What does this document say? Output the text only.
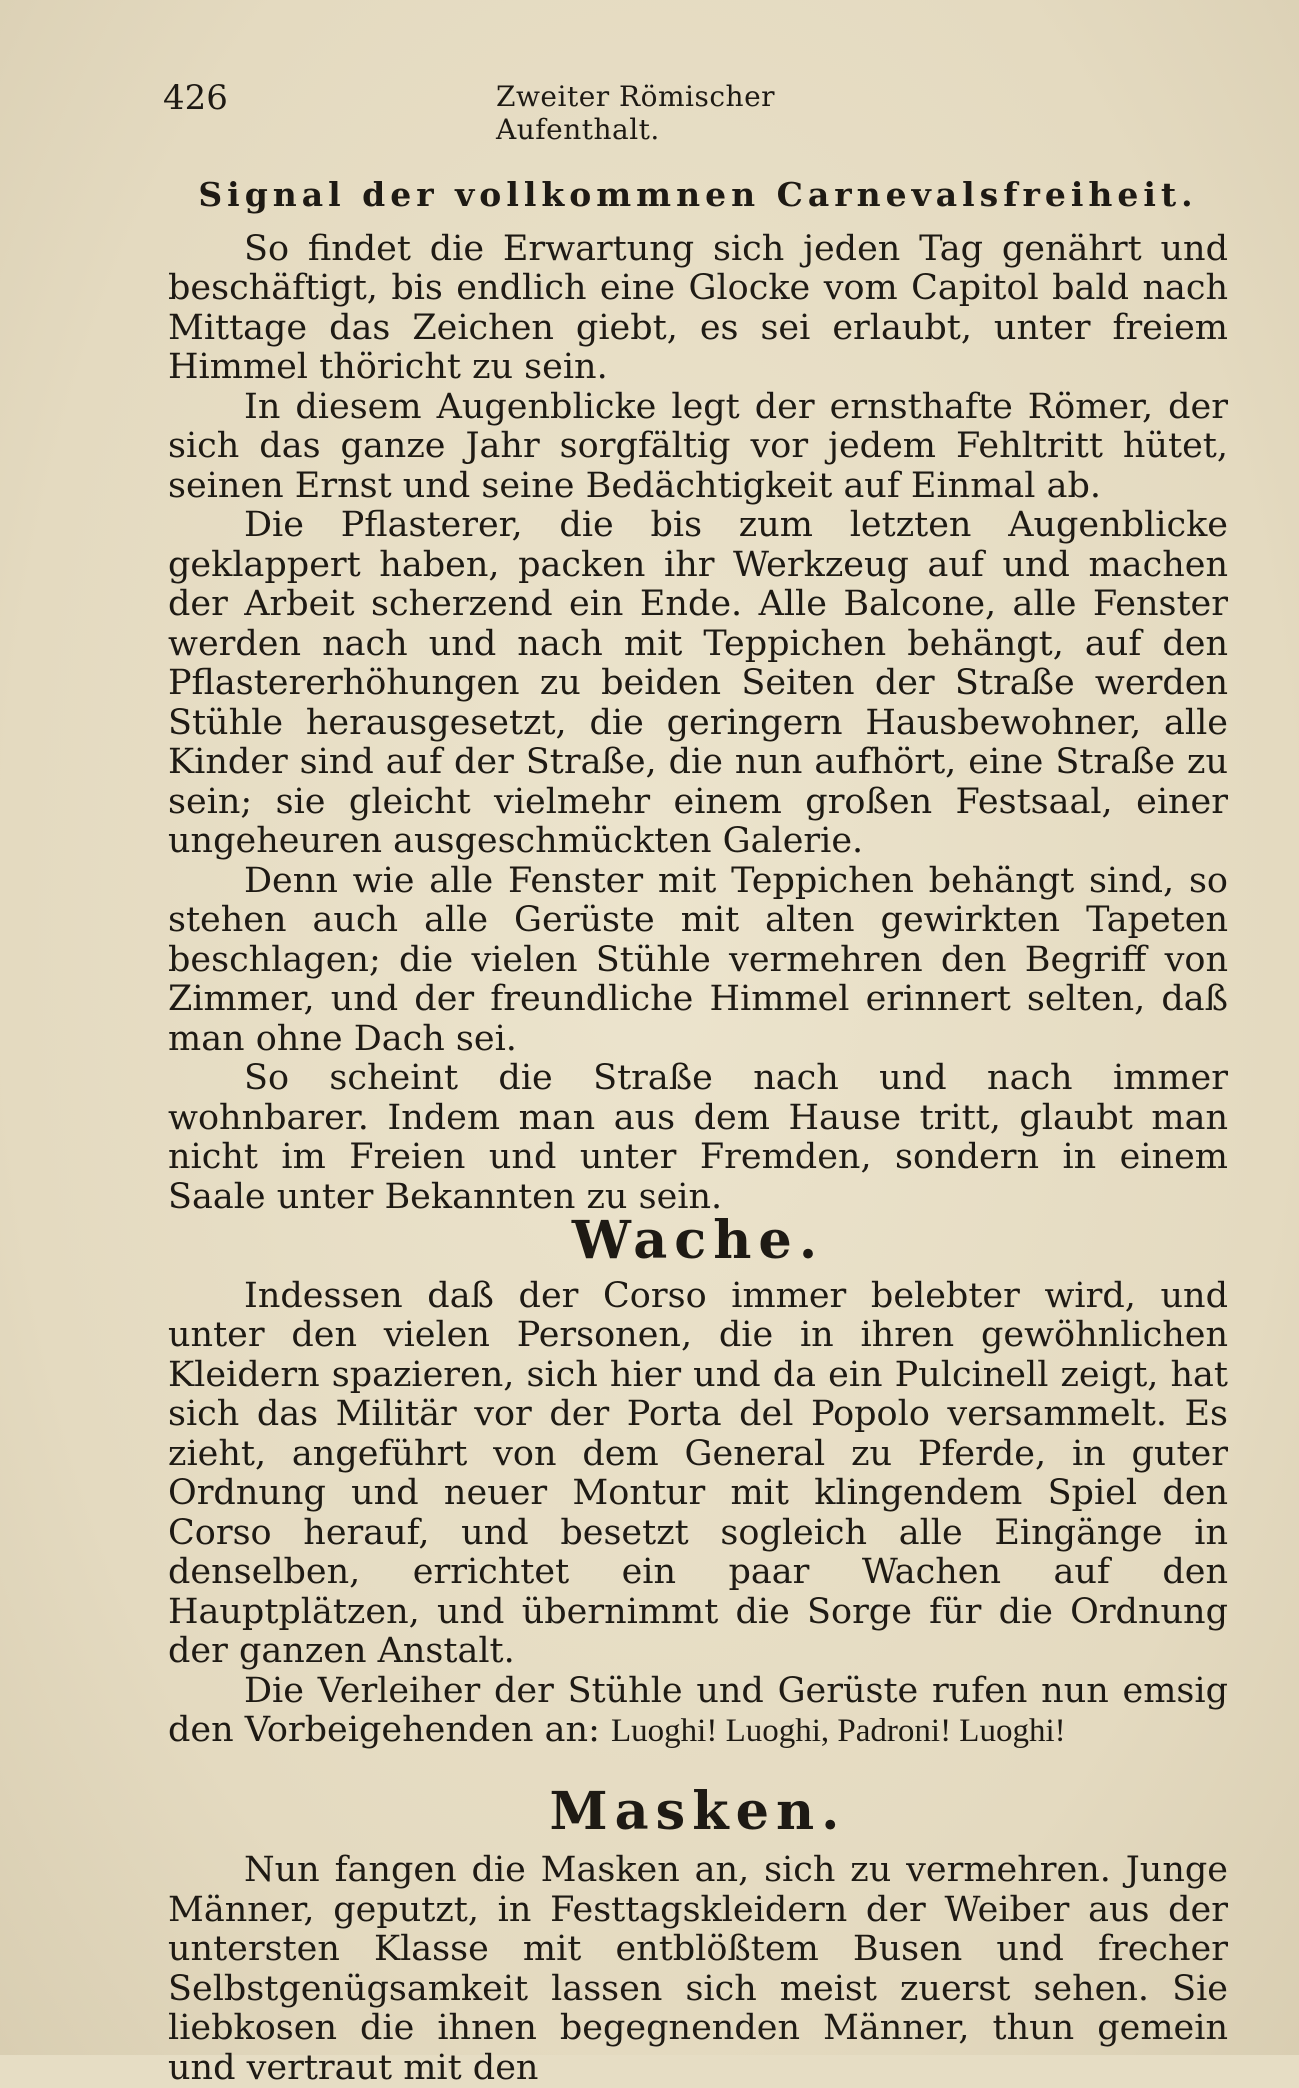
426	Zweiter Römischer Aufenthalt.
Signal der vollkommnen Carnevalsfreiheit.

So findet die Erwartung sich jeden Tag genährt und beschäftigt, bis endlich eine Glocke vom Capitol bald nach Mittage das Zeichen giebt, es sei erlaubt, unter freiem Himmel thöricht zu sein.

In diesem Augenblicke legt der ernsthafte Römer, der sich das ganze Jahr sorgfältig vor jedem Fehltritt hütet, seinen Ernst und seine Bedächtigkeit auf Einmal ab.

Die Pflasterer, die bis zum letzten Augenblicke geklappert haben, packen ihr Werkzeug auf und machen der Arbeit scherzend ein Ende. Alle Balcone, alle Fenster werden nach und nach mit Teppichen behängt, auf den Pflastererhöhungen zu beiden Seiten der Straße werden Stühle herausgesetzt, die geringern Hausbewohner, alle Kinder sind auf der Straße, die nun aufhört, eine Straße zu sein; sie gleicht vielmehr einem großen Festsaal, einer ungeheuren ausgeschmückten Galerie.

Denn wie alle Fenster mit Teppichen behängt sind, so stehen auch alle Gerüste mit alten gewirkten Tapeten beschlagen; die vielen Stühle vermehren den Begriff von Zimmer, und der freundliche Himmel erinnert selten, daß man ohne Dach sei.

So scheint die Straße nach und nach immer wohnbarer. Indem man aus dem Hause tritt, glaubt man nicht im Freien und unter Fremden, sondern in einem Saale unter Bekannten zu sein.

Wache.

Indessen daß der Corso immer belebter wird, und unter den vielen Personen, die in ihren gewöhnlichen Kleidern spazieren, sich hier und da ein Pulcinell zeigt, hat sich das Militär vor der Porta del Popolo versammelt. Es zieht, angeführt von dem General zu Pferde, in guter Ordnung und neuer Montur mit klingendem Spiel den Corso herauf, und besetzt sogleich alle Eingänge in denselben, errichtet ein paar Wachen auf den Hauptplätzen, und übernimmt die Sorge für die Ordnung der ganzen Anstalt.

Die Verleiher der Stühle und Gerüste rufen nun emsig den Vorbeigehenden an: Luoghi! Luoghi, Padroni! Luoghi!

Masken.

Nun fangen die Masken an, sich zu vermehren. Junge Männer, geputzt, in Festtagskleidern der Weiber aus der untersten Klasse mit entblößtem Busen und frecher Selbstgenügsamkeit lassen sich meist zuerst sehen. Sie liebkosen die ihnen begegnenden Männer, thun gemein und vertraut mit den
